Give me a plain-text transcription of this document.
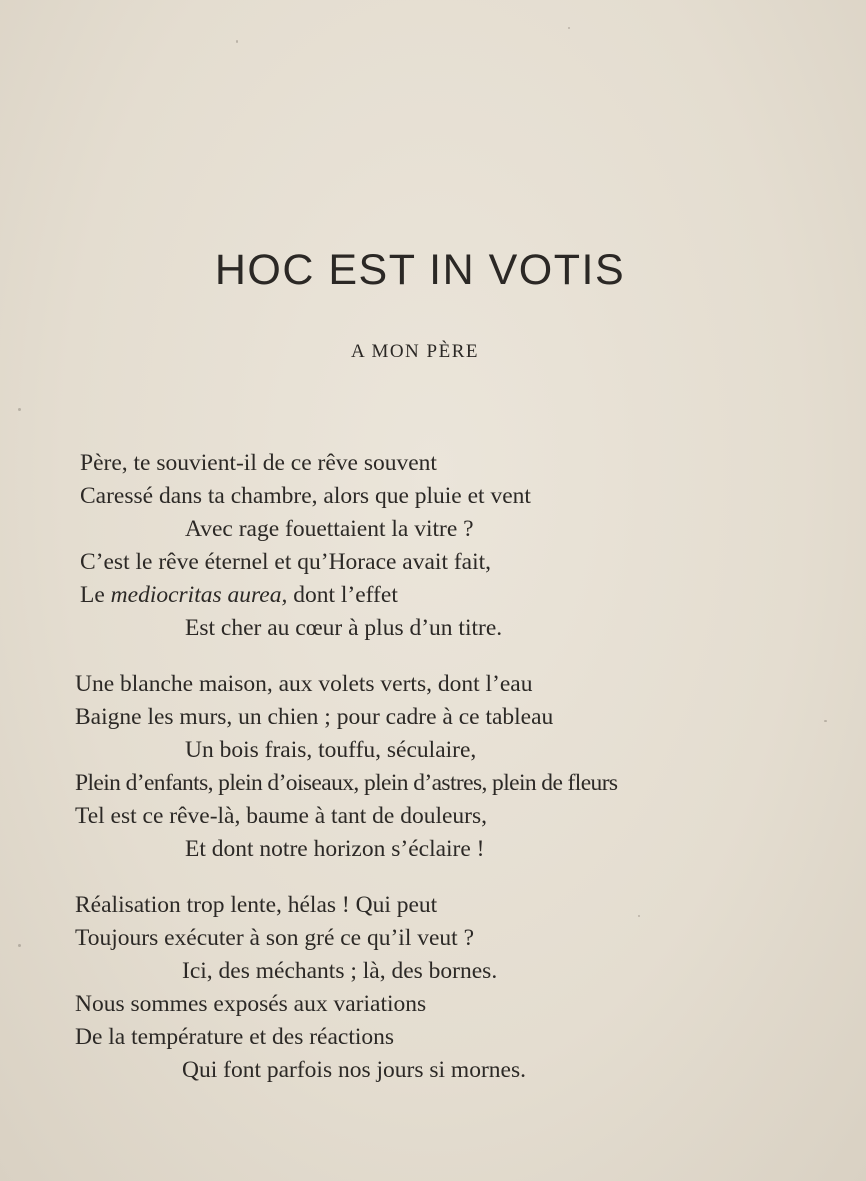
HOC EST IN VOTIS
A MON PÈRE
Père, te souvient-il de ce rêve souvent
Caressé dans ta chambre, alors que pluie et vent
Avec rage fouettaient la vitre ?
C’est le rêve éternel et qu’Horace avait fait,
Le mediocritas aurea, dont l’effet
Est cher au cœur à plus d’un titre.
Une blanche maison, aux volets verts, dont l’eau
Baigne les murs, un chien ; pour cadre à ce tableau
Un bois frais, touffu, séculaire,
Plein d’enfants, plein d’oiseaux, plein d’astres, plein de fleurs
Tel est ce rêve-là, baume à tant de douleurs,
Et dont notre horizon s’éclaire !
Réalisation trop lente, hélas ! Qui peut
Toujours exécuter à son gré ce qu’il veut ?
Ici, des méchants ; là, des bornes.
Nous sommes exposés aux variations
De la température et des réactions
Qui font parfois nos jours si mornes.
